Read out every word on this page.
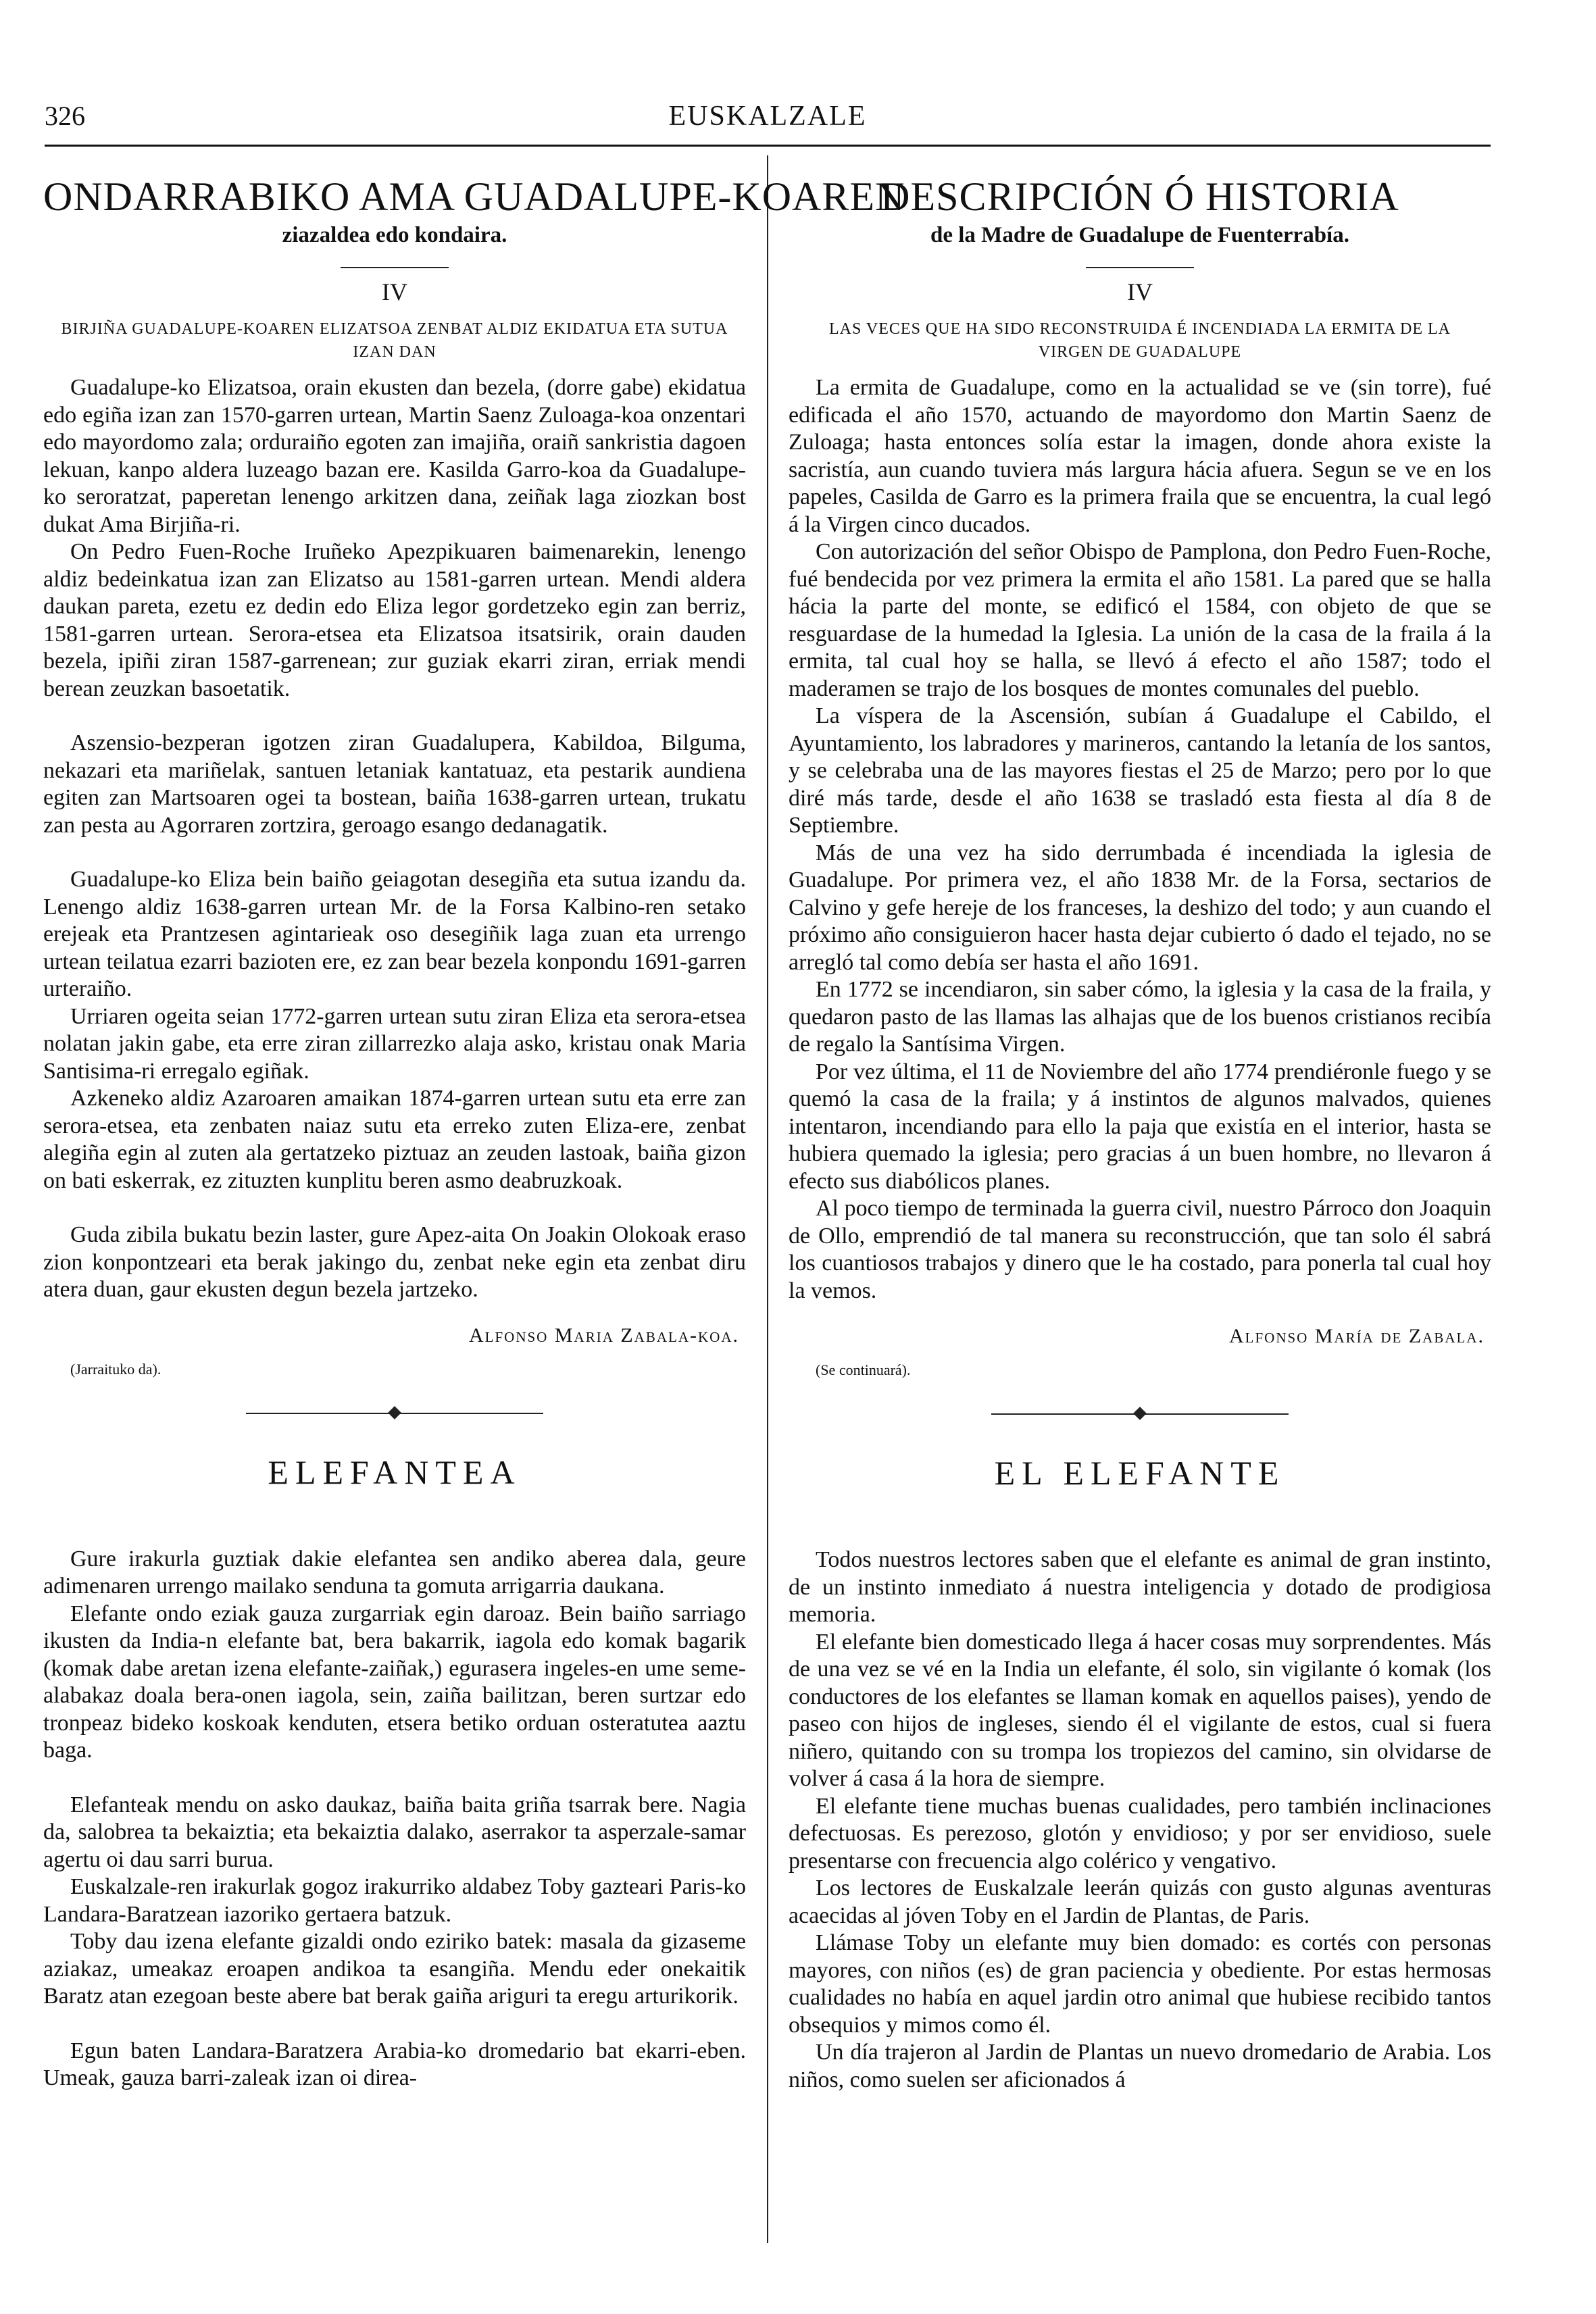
326	EUSKALZALE
ONDARRABIKO AMA GUADALUPE-KOAREN
ziazaldea edo kondaira.
IV
BIRJIÑA GUADALUPE-KOAREN ELIZATSOA ZENBAT ALDIZ EKIDATUA ETA SUTUA IZAN DAN

Guadalupe-ko Elizatsoa, orain ekusten dan bezela, (dorre gabe) ekidatua edo egiña izan zan 1570-garren urtean, Martin Saenz Zuloaga-koa onzentari edo mayordomo zala; orduraiño egoten zan imajiña, oraiñ sankristia dagoen lekuan, kanpo aldera luzeago bazan ere. Kasilda Garro-koa da Guadalupe-ko seroratzat, paperetan lenengo arkitzen dana, zeiñak laga ziozkan bost dukat Ama Birjiña-ri.

On Pedro Fuen-Roche Iruñeko Apezpikuaren baimenarekin, lenengo aldiz bedeinkatua izan zan Elizatso au 1581-garren urtean. Mendi aldera daukan pareta, ezetu ez dedin edo Eliza legor gordetzeko egin zan berriz, 1581-garren urtean. Serora-etsea eta Elizatsoa itsatsirik, orain dauden bezela, ipiñi ziran 1587-garrenean; zur guziak ekarri ziran, erriak mendi berean zeuzkan basoetatik.

Aszensio-bezperan igotzen ziran Guadalupera, Kabildoa, Bilguma, nekazari eta mariñelak, santuen letaniak kantatuaz, eta pestarik aundiena egiten zan Martsoaren ogei ta bostean, baiña 1638-garren urtean, trukatu zan pesta au Agorraren zortzira, geroago esango dedanagatik.

Guadalupe-ko Eliza bein baiño geiagotan desegiña eta sutua izandu da. Lenengo aldiz 1638-garren urtean Mr. de la Forsa Kalbino-ren setako erejeak eta Prantzesen agintarieak oso desegiñik laga zuan eta urrengo urtean teilatua ezarri bazioten ere, ez zan bear bezela konpondu 1691-garren urteraiño.

Urriaren ogeita seian 1772-garren urtean sutu ziran Eliza eta serora-etsea nolatan jakin gabe, eta erre ziran zillarrezko alaja asko, kristau onak Maria Santisima-ri erregalo egiñak.

Azkeneko aldiz Azaroaren amaikan 1874-garren urtean sutu eta erre zan serora-etsea, eta zenbaten naiaz sutu eta erreko zuten Eliza-ere, zenbat alegiña egin al zuten ala gertatzeko piztuaz an zeuden lastoak, baiña gizon on bati eskerrak, ez zituzten kunplitu beren asmo deabruzkoak.

Guda zibila bukatu bezin laster, gure Apez-aita On Joakin Olokoak eraso zion konpontzeari eta berak jakingo du, zenbat neke egin eta zenbat diru atera duan, gaur ekusten degun bezela jartzeko.

Alfonso Maria Zabala-koa.
(Jarraituko da).
ELEFANTEA

Gure irakurla guztiak dakie elefantea sen andiko aberea dala, geure adimenaren urrengo mailako senduna ta gomuta arrigarria daukana.

Elefante ondo eziak gauza zurgarriak egin daroaz. Bein baiño sarriago ikusten da India-n elefante bat, bera bakarrik, iagola edo komak bagarik (komak dabe aretan izena elefante-zaiñak,) egurasera ingeles-en ume seme-alabakaz doala bera-onen iagola, sein, zaiña bailitzan, beren surtzar edo tronpeaz bideko koskoak kenduten, etsera betiko orduan osteratutea aaztu baga.

Elefanteak mendu on asko daukaz, baiña baita griña tsarrak bere. Nagia da, salobrea ta bekaiztia; eta bekaiztia dalako, aserrakor ta asperzale-samar agertu oi dau sarri burua.

Euskalzale-ren irakurlak gogoz irakurriko aldabez Toby gazteari Paris-ko Landara-Baratzean iazoriko gertaera batzuk.

Toby dau izena elefante gizaldi ondo eziriko batek: masala da gizaseme aziakaz, umeakaz eroapen andikoa ta esangiña. Mendu eder onekaitik Baratz atan ezegoan beste abere bat berak gaiña ariguri ta eregu arturikorik.

Egun baten Landara-Baratzera Arabia-ko dromedario bat ekarri-eben. Umeak, gauza barri-zaleak izan oi direa-

DESCRIPCIÓN Ó HISTORIA
de la Madre de Guadalupe de Fuenterrabía.
IV
LAS VECES QUE HA SIDO RECONSTRUIDA É INCENDIADA LA ERMITA DE LA VIRGEN DE GUADALUPE

La ermita de Guadalupe, como en la actualidad se ve (sin torre), fué edificada el año 1570, actuando de mayordomo don Martin Saenz de Zuloaga; hasta entonces solía estar la imagen, donde ahora existe la sacristía, aun cuando tuviera más largura hácia afuera. Segun se ve en los papeles, Casilda de Garro es la primera fraila que se encuentra, la cual legó á la Virgen cinco ducados.

Con autorización del señor Obispo de Pamplona, don Pedro Fuen-Roche, fué bendecida por vez primera la ermita el año 1581. La pared que se halla hácia la parte del monte, se edificó el 1584, con objeto de que se resguardase de la humedad la Iglesia. La unión de la casa de la fraila á la ermita, tal cual hoy se halla, se llevó á efecto el año 1587; todo el maderamen se trajo de los bosques de montes comunales del pueblo.

La víspera de la Ascensión, subían á Guadalupe el Cabildo, el Ayuntamiento, los labradores y marineros, cantando la letanía de los santos, y se celebraba una de las mayores fiestas el 25 de Marzo; pero por lo que diré más tarde, desde el año 1638 se trasladó esta fiesta al día 8 de Septiembre.

Más de una vez ha sido derrumbada é incendiada la iglesia de Guadalupe. Por primera vez, el año 1838 Mr. de la Forsa, sectarios de Calvino y gefe hereje de los franceses, la deshizo del todo; y aun cuando el próximo año consiguieron hacer hasta dejar cubierto ó dado el tejado, no se arregló tal como debía ser hasta el año 1691.

En 1772 se incendiaron, sin saber cómo, la iglesia y la casa de la fraila, y quedaron pasto de las llamas las alhajas que de los buenos cristianos recibía de regalo la Santísima Virgen.

Por vez última, el 11 de Noviembre del año 1774 prendiéronle fuego y se quemó la casa de la fraila; y á instintos de algunos malvados, quienes intentaron, incendiando para ello la paja que existía en el interior, hasta se hubiera quemado la iglesia; pero gracias á un buen hombre, no llevaron á efecto sus diabólicos planes.

Al poco tiempo de terminada la guerra civil, nuestro Párroco don Joaquin de Ollo, emprendió de tal manera su reconstrucción, que tan solo él sabrá los cuantiosos trabajos y dinero que le ha costado, para ponerla tal cual hoy la vemos.

Alfonso María de Zabala.
(Se continuará).
EL ELEFANTE

Todos nuestros lectores saben que el elefante es animal de gran instinto, de un instinto inmediato á nuestra inteligencia y dotado de prodigiosa memoria.

El elefante bien domesticado llega á hacer cosas muy sorprendentes. Más de una vez se vé en la India un elefante, él solo, sin vigilante ó komak (los conductores de los elefantes se llaman komak en aquellos paises), yendo de paseo con hijos de ingleses, siendo él el vigilante de estos, cual si fuera niñero, quitando con su trompa los tropiezos del camino, sin olvidarse de volver á casa á la hora de siempre.

El elefante tiene muchas buenas cualidades, pero también inclinaciones defectuosas. Es perezoso, glotón y envidioso; y por ser envidioso, suele presentarse con frecuencia algo colérico y vengativo.

Los lectores de Euskalzale leerán quizás con gusto algunas aventuras acaecidas al jóven Toby en el Jardin de Plantas, de Paris.

Llámase Toby un elefante muy bien domado: es cortés con personas mayores, con niños (es) de gran paciencia y obediente. Por estas hermosas cualidades no había en aquel jardin otro animal que hubiese recibido tantos obsequios y mimos como él.

Un día trajeron al Jardin de Plantas un nuevo dromedario de Arabia. Los niños, como suelen ser aficionados á
